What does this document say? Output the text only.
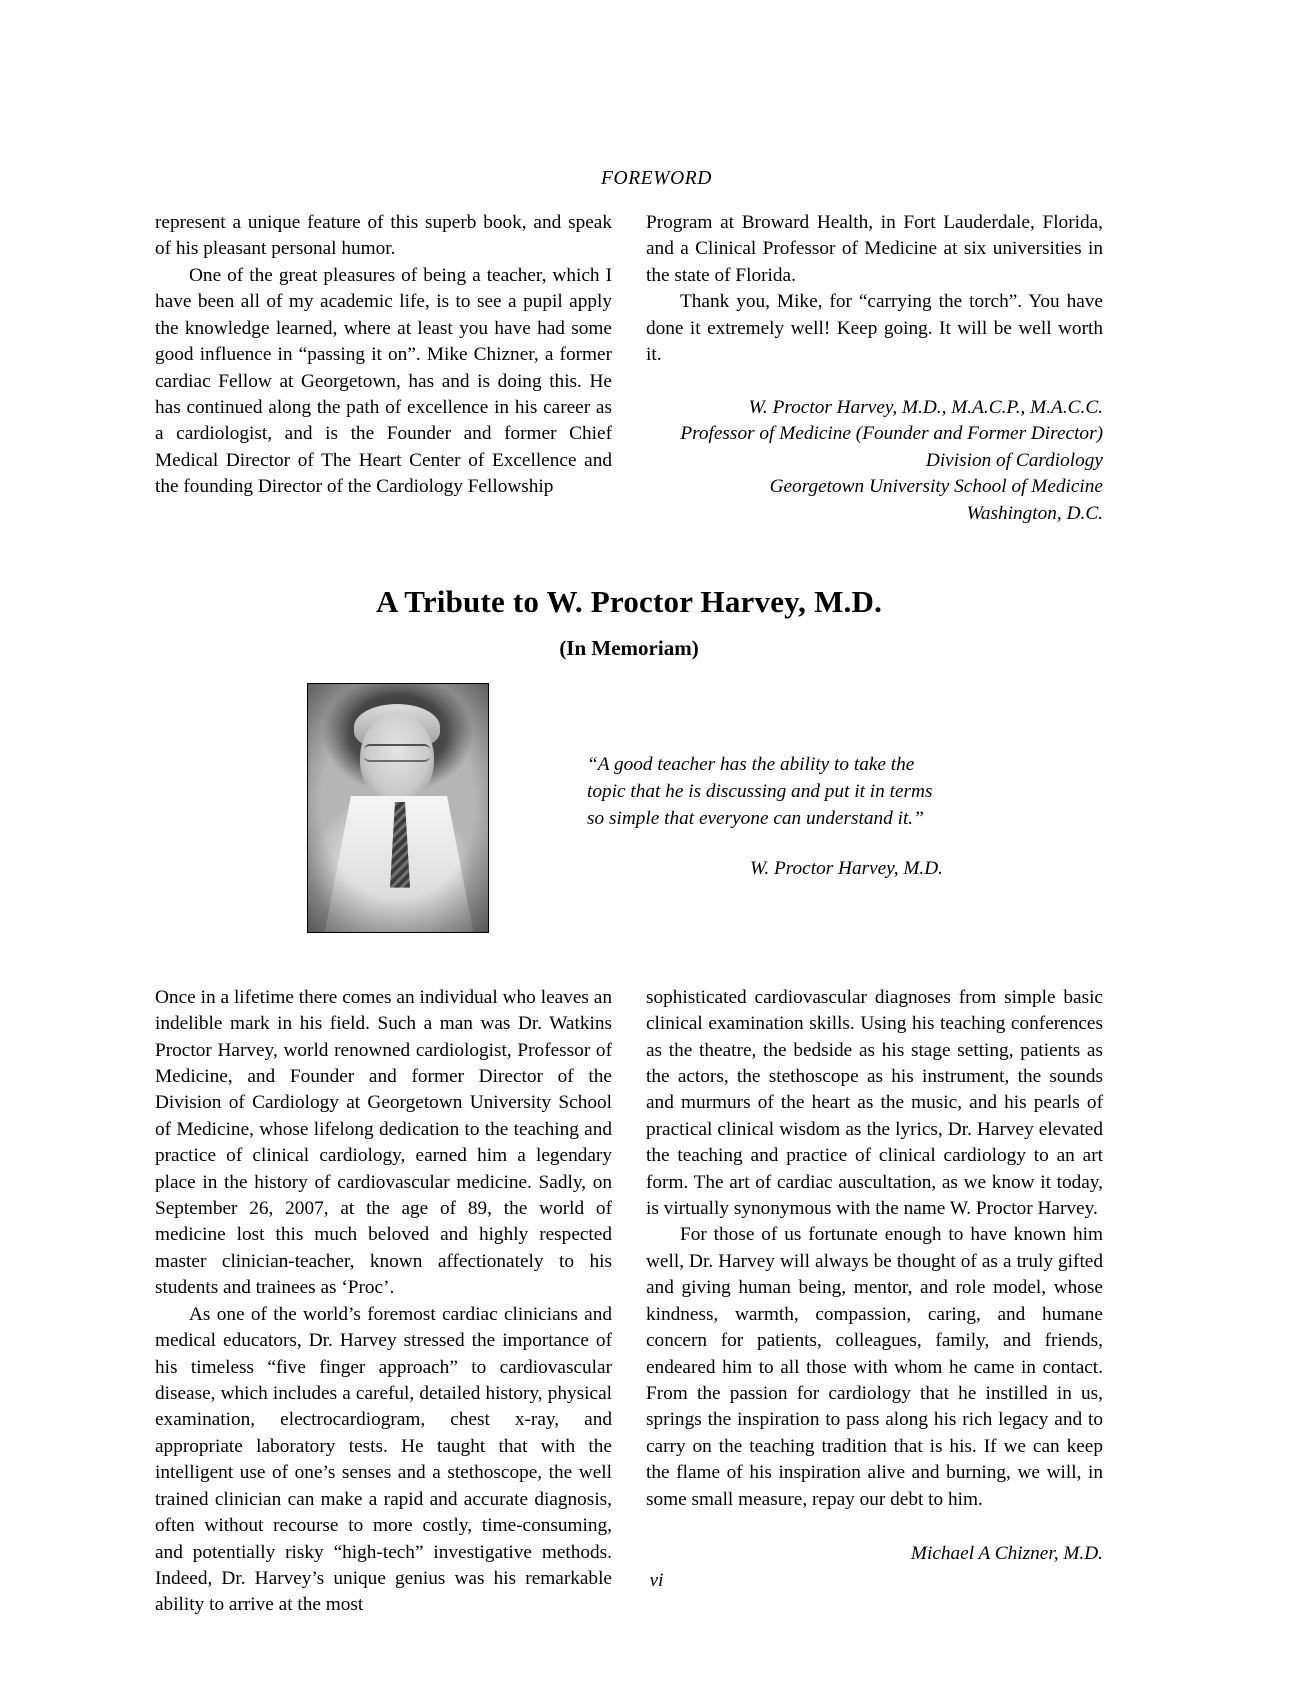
FOREWORD

represent a unique feature of this superb book, and speak of his pleasant personal humor.

One of the great pleasures of being a teacher, which I have been all of my academic life, is to see a pupil apply the knowledge learned, where at least you have had some good influence in “passing it on”. Mike Chizner, a former cardiac Fellow at Georgetown, has and is doing this. He has continued along the path of excellence in his career as a cardiologist, and is the Founder and former Chief Medical Director of The Heart Center of Excellence and the founding Director of the Cardiology Fellowship

Program at Broward Health, in Fort Lauderdale, Florida, and a Clinical Professor of Medicine at six universities in the state of Florida.

Thank you, Mike, for “carrying the torch”. You have done it extremely well! Keep going. It will be well worth it.

W. Proctor Harvey, M.D., M.A.C.P., M.A.C.C.
Professor of Medicine (Founder and Former Director)
Division of Cardiology
Georgetown University School of Medicine
Washington, D.C.
A Tribute to W. Proctor Harvey, M.D.
(In Memoriam)
“A good teacher has the ability to take the topic that he is discussing and put it in terms so simple that everyone can understand it.”
W. Proctor Harvey, M.D.

Once in a lifetime there comes an individual who leaves an indelible mark in his field. Such a man was Dr. Watkins Proctor Harvey, world renowned cardiologist, Professor of Medicine, and Founder and former Director of the Division of Cardiology at Georgetown University School of Medicine, whose lifelong dedication to the teaching and practice of clinical cardiology, earned him a legendary place in the history of cardiovascular medicine. Sadly, on September 26, 2007, at the age of 89, the world of medicine lost this much beloved and highly respected master clinician-teacher, known affectionately to his students and trainees as ‘Proc’.

As one of the world’s foremost cardiac clinicians and medical educators, Dr. Harvey stressed the importance of his timeless “five finger approach” to cardiovascular disease, which includes a careful, detailed history, physical examination, electrocardiogram, chest x-ray, and appropriate laboratory tests. He taught that with the intelligent use of one’s senses and a stethoscope, the well trained clinician can make a rapid and accurate diagnosis, often without recourse to more costly, time-consuming, and potentially risky “high-tech” investigative methods. Indeed, Dr. Harvey’s unique genius was his remarkable ability to arrive at the most

sophisticated cardiovascular diagnoses from simple basic clinical examination skills. Using his teaching conferences as the theatre, the bedside as his stage setting, patients as the actors, the stethoscope as his instrument, the sounds and murmurs of the heart as the music, and his pearls of practical clinical wisdom as the lyrics, Dr. Harvey elevated the teaching and practice of clinical cardiology to an art form. The art of cardiac auscultation, as we know it today, is virtually synonymous with the name W. Proctor Harvey.

For those of us fortunate enough to have known him well, Dr. Harvey will always be thought of as a truly gifted and giving human being, mentor, and role model, whose kindness, warmth, compassion, caring, and humane concern for patients, colleagues, family, and friends, endeared him to all those with whom he came in contact. From the passion for cardiology that he instilled in us, springs the inspiration to pass along his rich legacy and to carry on the teaching tradition that is his. If we can keep the flame of his inspiration alive and burning, we will, in some small measure, repay our debt to him.

Michael A Chizner, M.D.
vi
